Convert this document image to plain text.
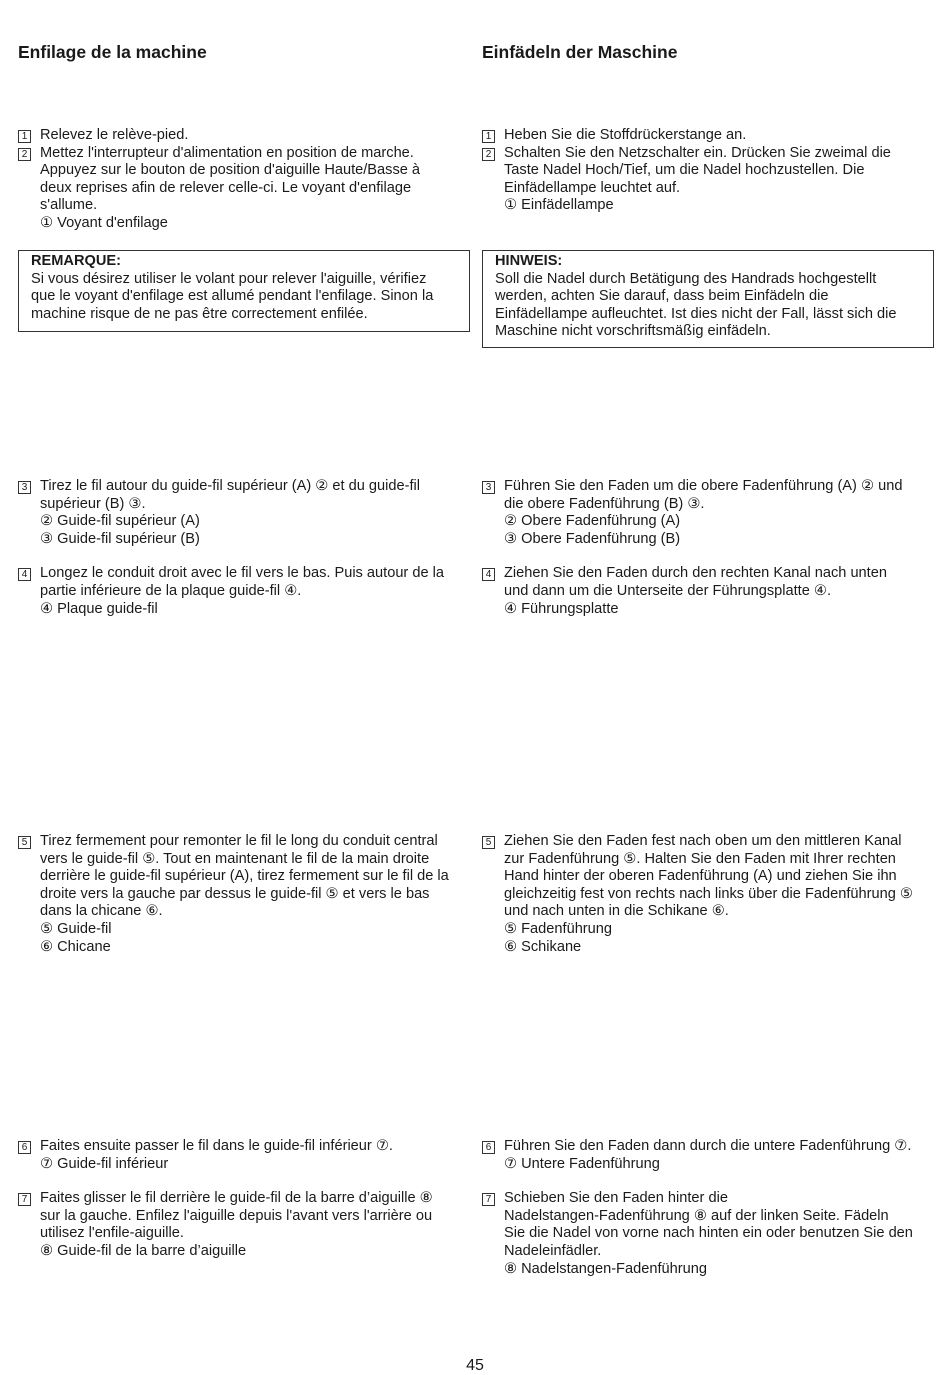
Enfilage de la machine
1 Relevez le relève-pied.
2 Mettez l'interrupteur d'alimentation en position de marche.
Appuyez sur le bouton de position d'aiguille Haute/Basse à
deux reprises afin de relever celle-ci. Le voyant d'enfilage
s'allume.
① Voyant d'enfilage
REMARQUE:
Si vous désirez utiliser le volant pour relever l'aiguille, vérifiez
que le voyant d'enfilage est allumé pendant l'enfilage. Sinon la
machine risque de ne pas être correctement enfilée.
3 Tirez le fil autour du guide-fil supérieur (A) ② et du guide-fil
supérieur (B) ③.
② Guide-fil supérieur (A)
③ Guide-fil supérieur (B)
4 Longez le conduit droit avec le fil vers le bas. Puis autour de la
partie inférieure de la plaque guide-fil ④.
④ Plaque guide-fil
5 Tirez fermement pour remonter le fil le long du conduit central
vers le guide-fil ⑤. Tout en maintenant le fil de la main droite
derrière le guide-fil supérieur (A), tirez fermement sur le fil de la
droite vers la gauche par dessus le guide-fil ⑤ et vers le bas
dans la chicane ⑥.
⑤ Guide-fil
⑥ Chicane
6 Faites ensuite passer le fil dans le guide-fil inférieur ⑦.
⑦ Guide-fil inférieur
7 Faites glisser le fil derrière le guide-fil de la barre d’aiguille ⑧
sur la gauche. Enfilez l'aiguille depuis l'avant vers l'arrière ou
utilisez l'enfile-aiguille.
⑧ Guide-fil de la barre d’aiguille
Einfädeln der Maschine
1 Heben Sie die Stoffdrückerstange an.
2 Schalten Sie den Netzschalter ein. Drücken Sie zweimal die
Taste Nadel Hoch/Tief, um die Nadel hochzustellen. Die
Einfädellampe leuchtet auf.
① Einfädellampe
HINWEIS:
Soll die Nadel durch Betätigung des Handrads hochgestellt
werden, achten Sie darauf, dass beim Einfädeln die
Einfädellampe aufleuchtet. Ist dies nicht der Fall, lässt sich die
Maschine nicht vorschriftsmäßig einfädeln.
3 Führen Sie den Faden um die obere Fadenführung (A) ② und
die obere Fadenführung (B) ③.
② Obere Fadenführung (A)
③ Obere Fadenführung (B)
4 Ziehen Sie den Faden durch den rechten Kanal nach unten
und dann um die Unterseite der Führungsplatte ④.
④ Führungsplatte
5 Ziehen Sie den Faden fest nach oben um den mittleren Kanal
zur Fadenführung ⑤. Halten Sie den Faden mit Ihrer rechten
Hand hinter der oberen Fadenführung (A) und ziehen Sie ihn
gleichzeitig fest von rechts nach links über die Fadenführung ⑤
und nach unten in die Schikane ⑥.
⑤ Fadenführung
⑥ Schikane
6 Führen Sie den Faden dann durch die untere Fadenführung ⑦.
⑦ Untere Fadenführung
7 Schieben Sie den Faden hinter die
Nadelstangen-Fadenführung ⑧ auf der linken Seite. Fädeln
Sie die Nadel von vorne nach hinten ein oder benutzen Sie den
Nadeleinfädler.
⑧ Nadelstangen-Fadenführung
45
